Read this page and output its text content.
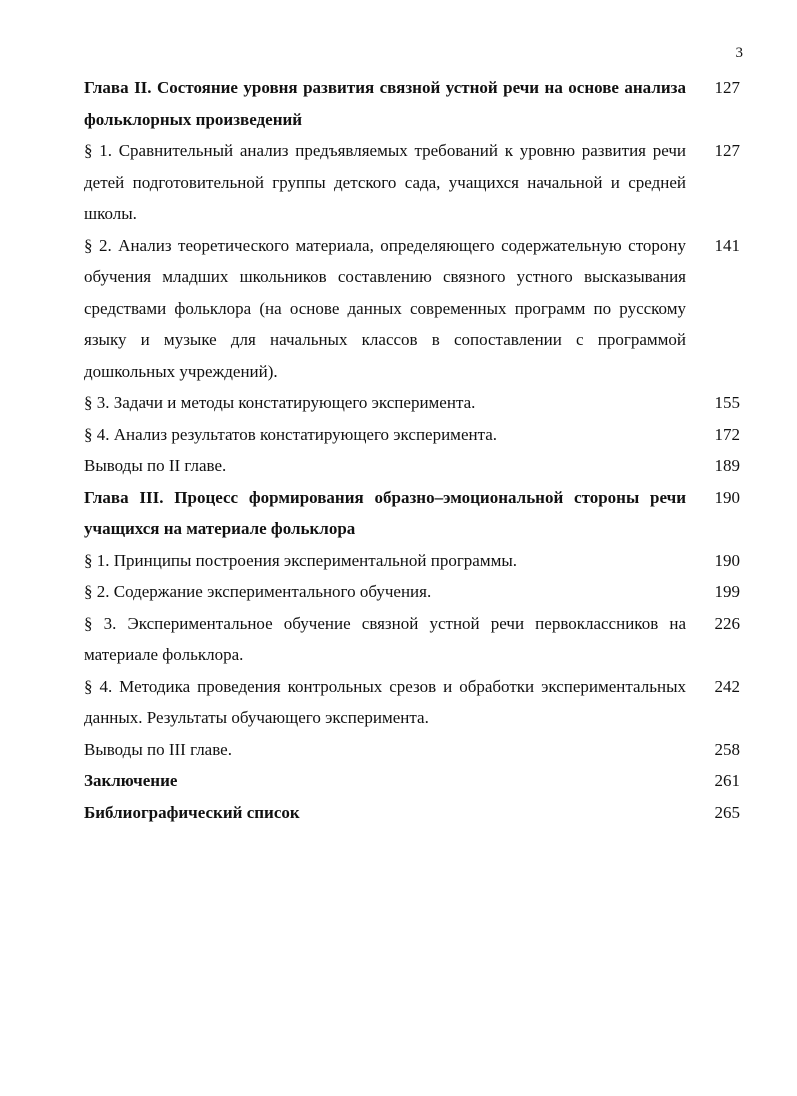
3
Глава II. Состояние уровня развития связной устной речи на основе анализа фольклорных произведений
127
§ 1. Сравнительный анализ предъявляемых требований к уровню развития речи детей подготовительной группы детского сада, учащихся начальной и средней школы.
127
§ 2. Анализ теоретического материала, определяющего содержательную сторону обучения младших школьников составлению связного устного высказывания средствами фольклора (на основе данных современных программ по русскому языку и музыке для начальных классов в сопоставлении с программой дошкольных учреждений).
141
§ 3. Задачи и методы констатирующего эксперимента.	155
§ 4. Анализ результатов констатирующего эксперимента.	172
Выводы по II главе.	189
Глава III. Процесс формирования образно–эмоциональной стороны речи учащихся на материале фольклора
190
§ 1. Принципы построения экспериментальной программы.	190
§ 2. Содержание экспериментального обучения.	199
§ 3. Экспериментальное обучение связной устной речи первоклассников на материале фольклора.
226
§ 4. Методика проведения контрольных срезов и обработки экспериментальных данных. Результаты обучающего эксперимента.
242
Выводы по III главе.	258
Заключение	261
Библиографический список	265
